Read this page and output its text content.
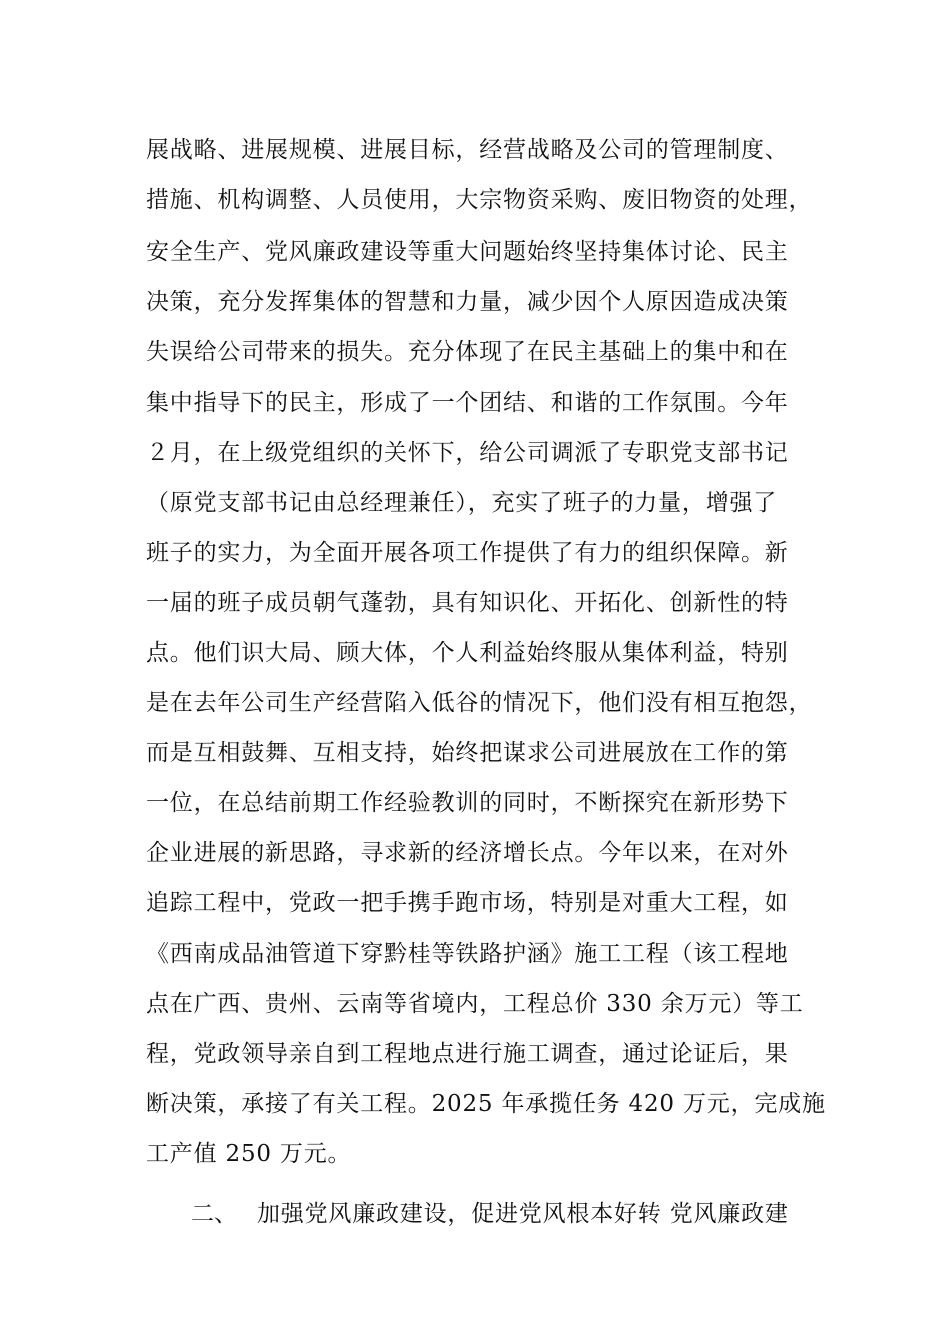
展战略、进展规模、进展目标，经营战略及公司的管理制度、
措施、机构调整、人员使用，大宗物资采购、废旧物资的处理，
安全生产、党风廉政建设等重大问题始终坚持集体讨论、民主
决策，充分发挥集体的智慧和力量，减少因个人原因造成决策
失误给公司带来的损失。充分体现了在民主基础上的集中和在
集中指导下的民主，形成了一个团结、和谐的工作氛围。今年
２月，在上级党组织的关怀下，给公司调派了专职党支部书记
（原党支部书记由总经理兼任），充实了班子的力量，增强了
班子的实力，为全面开展各项工作提供了有力的组织保障。新
一届的班子成员朝气蓬勃，具有知识化、开拓化、创新性的特
点。他们识大局、顾大体，个人利益始终服从集体利益，特别
是在去年公司生产经营陷入低谷的情况下，他们没有相互抱怨，
而是互相鼓舞、互相支持，始终把谋求公司进展放在工作的第
一位，在总结前期工作经验教训的同时，不断探究在新形势下
企业进展的新思路，寻求新的经济增长点。今年以来，在对外
追踪工程中，党政一把手携手跑市场，特别是对重大工程，如
《西南成品油管道下穿黔桂等铁路护涵》施工工程（该工程地
点在广西、贵州、云南等省境内，工程总价 330 余万元）等工
程，党政领导亲自到工程地点进行施工调查，通过论证后，果
断决策，承接了有关工程。2025 年承揽任务 420 万元，完成施
工产值 250 万元。
二、 加强党风廉政建设，促进党风根本好转 党风廉政建
